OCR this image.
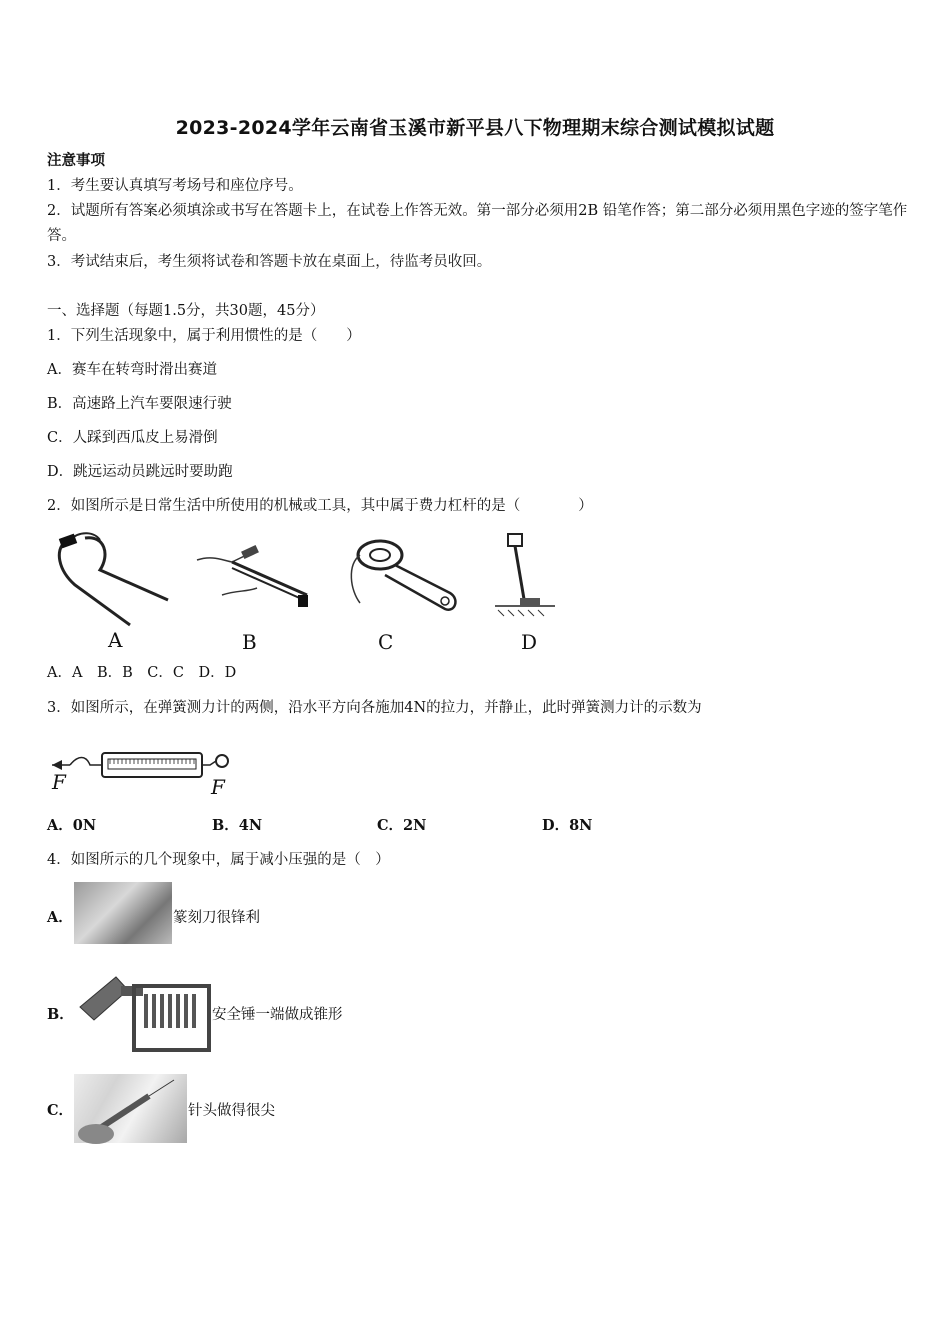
2023-2024学年云南省玉溪市新平县八下物理期末综合测试模拟试题
注意事项
1．考生要认真填写考场号和座位序号。
2．试题所有答案必须填涂或书写在答题卡上，在试卷上作答无效。第一部分必须用2B 铅笔作答；第二部分必须用黑色字迹的签字笔作答。
3．考试结束后，考生须将试卷和答题卡放在桌面上，待监考员收回。
一、选择题（每题1.5分，共30题，45分）
1．下列生活现象中，属于利用惯性的是（　　）
A．赛车在转弯时滑出赛道
B．高速路上汽车要限速行驶
C．人踩到西瓜皮上易滑倒
D．跳远运动员跳远时要助跑
2．如图所示是日常生活中所使用的机械或工具，其中属于费力杠杆的是（　　　　）
A	B	C	D
A．A　B．B　C．C　D．D
3．如图所示，在弹簧测力计的两侧，沿水平方向各施加4N的拉力，并静止，此时弹簧测力计的示数为
F	F
A．0N	B．4N	C．2N	D．8N
4．如图所示的几个现象中，属于减小压强的是（　）
A．	篆刻刀很锋利
B．	安全锤一端做成锥形
C．	针头做得很尖
